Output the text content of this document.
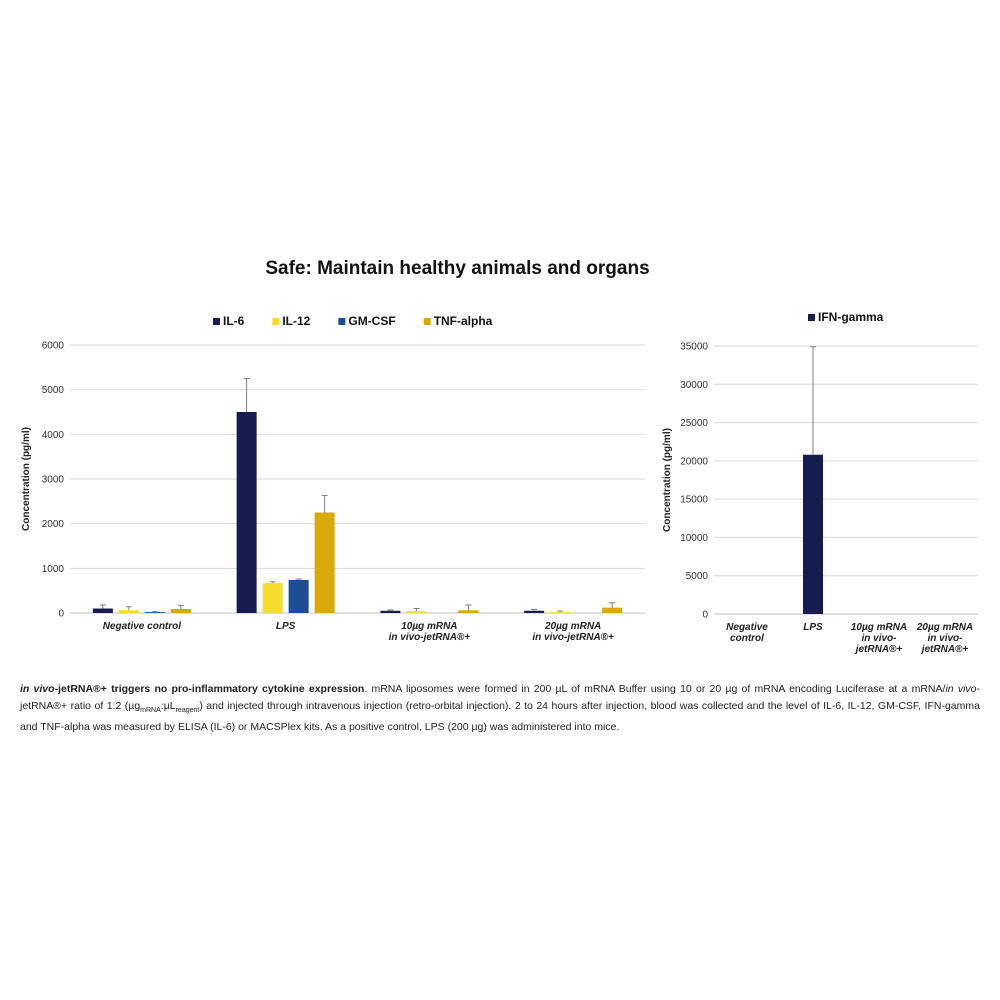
Safe: Maintain healthy animals and organs
0
1000
2000
3000
4000
5000
6000
Concentration (pg/ml)
Negative control	LPS	10µg mRNA
in vivo-jetRNA®+
20µg mRNA
in vivo-jetRNA®+
IL-6	IL-12	GM-CSF	TNF-alpha
0
5000
10000
15000
20000
25000
30000
35000
Concentration (pg/ml)
Negative
control
LPS	10µg mRNA
in vivo-
jetRNA®+
20µg mRNA
in vivo-
jetRNA®+
IFN-gamma
in vivo-jetRNA®+ triggers no pro-inflammatory cytokine expression. mRNA liposomes were formed in 200 µL of mRNA Buffer using 10 or 20 µg of mRNA encoding Luciferase at a mRNA/in vivo-jetRNA®+ ratio of 1:2 (µg$_{mRNA}$:µL$_{reagent}$) and injected through intravenous injection (retro-orbital injection). 2 to 24 hours after injection, blood was collected and the level of IL-6, IL-12, GM-CSF, IFN-gamma and TNF-alpha was measured by ELISA (IL-6) or MACSPlex kits. As a positive control, LPS (200 µg) was administered into mice.
